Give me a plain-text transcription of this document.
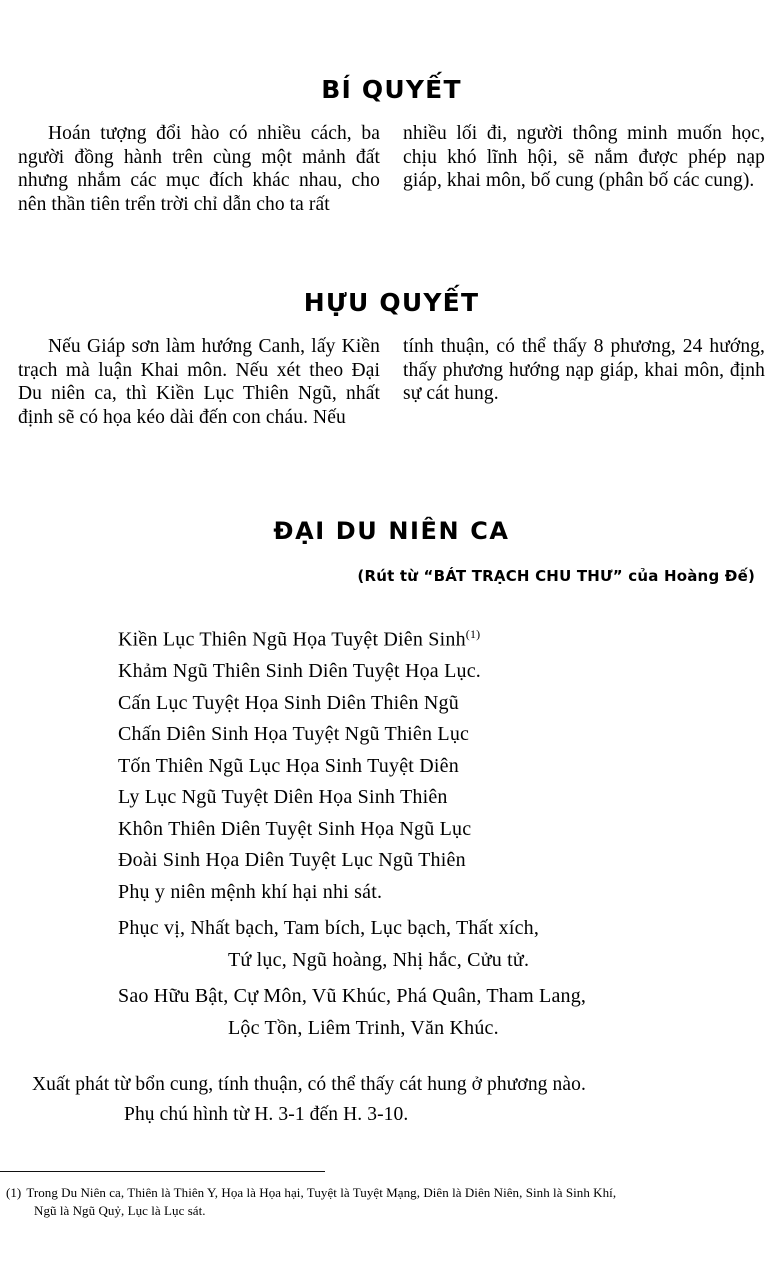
BÍ QUYẾT

Hoán tượng đổi hào có nhiều cách, ba người đồng hành trên cùng một mảnh đất nhưng nhắm các mục đích khác nhau, cho nên thần tiên trển trời chỉ dẫn cho ta rất

nhiều lối đi, người thông minh muốn học, chịu khó lĩnh hội, sẽ nắm được phép nạp giáp, khai môn, bố cung (phân bố các cung).

HỰU QUYẾT

Nếu Giáp sơn làm hướng Canh, lấy Kiền trạch mà luận Khai môn. Nếu xét theo Đại Du niên ca, thì Kiền Lục Thiên Ngũ, nhất định sẽ có họa kéo dài đến con cháu. Nếu

tính thuận, có thể thấy 8 phương, 24 hướng, thấy phương hướng nạp giáp, khai môn, định sự cát hung.

ĐẠI DU NIÊN CA
(Rút từ “BÁT TRẠCH CHU THƯ” của Hoàng Đế)
Kiền Lục Thiên Ngũ Họa Tuyệt Diên Sinh$^{(1)}$
Khảm Ngũ Thiên Sinh Diên Tuyệt Họa Lục.
Cấn Lục Tuyệt Họa Sinh Diên Thiên Ngũ
Chấn Diên Sinh Họa Tuyệt Ngũ Thiên Lục
Tốn Thiên Ngũ Lục Họa Sinh Tuyệt Diên
Ly Lục Ngũ Tuyệt Diên Họa Sinh Thiên
Khôn Thiên Diên Tuyệt Sinh Họa Ngũ Lục
Đoài Sinh Họa Diên Tuyệt Lục Ngũ Thiên
Phụ y niên mệnh khí hại nhi sát.
Phục vị, Nhất bạch, Tam bích, Lục bạch, Thất xích,
Tứ lục, Ngũ hoàng, Nhị hắc, Cửu tử.
Sao Hữu Bật, Cự Môn, Vũ Khúc, Phá Quân, Tham Lang,
Lộc Tồn, Liêm Trinh, Văn Khúc.
Xuất phát từ bổn cung, tính thuận, có thể thấy cát hung ở phương nào.
Phụ chú hình từ H. 3-1 đến H. 3-10.
(1) Trong Du Niên ca, Thiên là Thiên Y, Họa là Họa hại, Tuyệt là Tuyệt Mạng, Diên là Diên Niên, Sinh là Sinh Khí,
Ngũ là Ngũ Quỷ, Lục là Lục sát.
